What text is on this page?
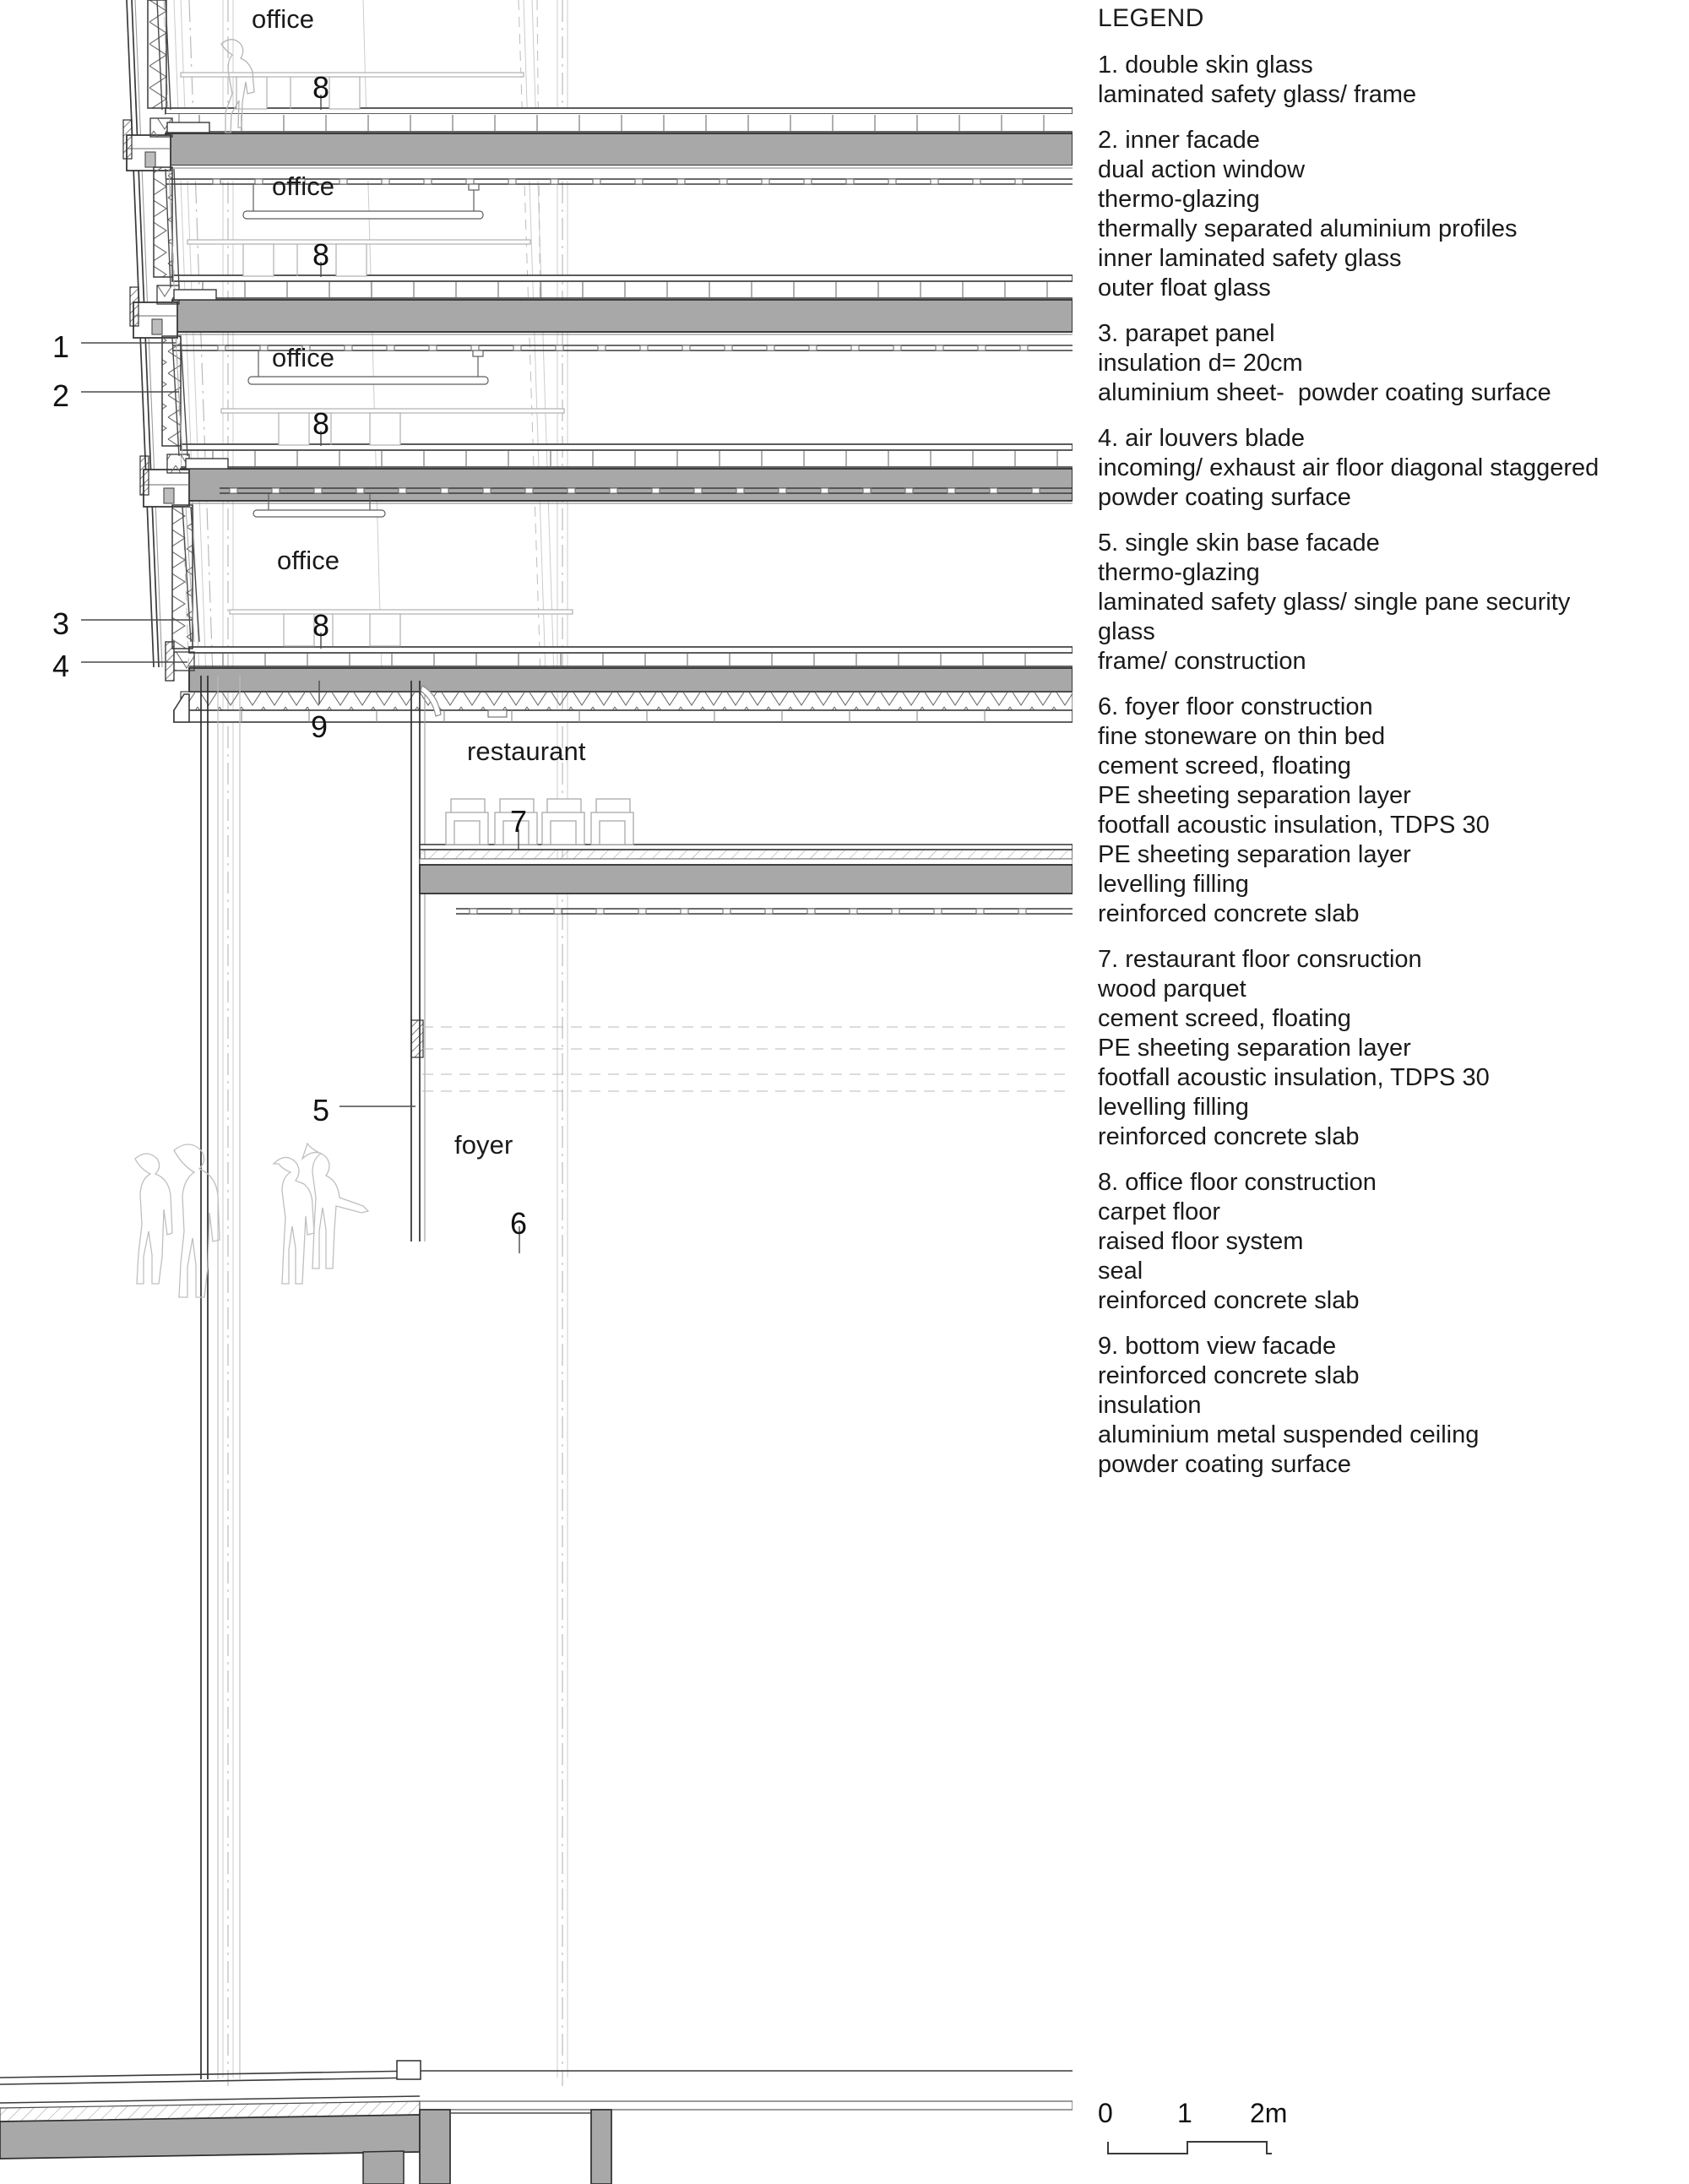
office
office
office
office
restaurant
foyer
1
2
3
4
5
6
7
8
8
8
8
9
LEGEND
1. double skin glass
laminated safety glass/ frame
2. inner facade
dual action window
thermo-glazing
thermally separated aluminium profiles
inner laminated safety glass
outer float glass
3. parapet panel
insulation d= 20cm
aluminium sheet-  powder coating surface
4. air louvers blade
incoming/ exhaust air floor diagonal staggered
powder coating surface
5. single skin base facade
thermo-glazing
laminated safety glass/ single pane security
glass
frame/ construction
6. foyer floor construction
fine stoneware on thin bed
cement screed, floating
PE sheeting separation layer
footfall acoustic insulation, TDPS 30
PE sheeting separation layer
levelling filling
reinforced concrete slab
7. restaurant floor consruction
wood parquet
cement screed, floating
PE sheeting separation layer
footfall acoustic insulation, TDPS 30
levelling filling
reinforced concrete slab
8. office floor construction
carpet floor
raised floor system
seal
reinforced concrete slab
9. bottom view facade
reinforced concrete slab
insulation
aluminium metal suspended ceiling
powder coating surface
0 1 2m
